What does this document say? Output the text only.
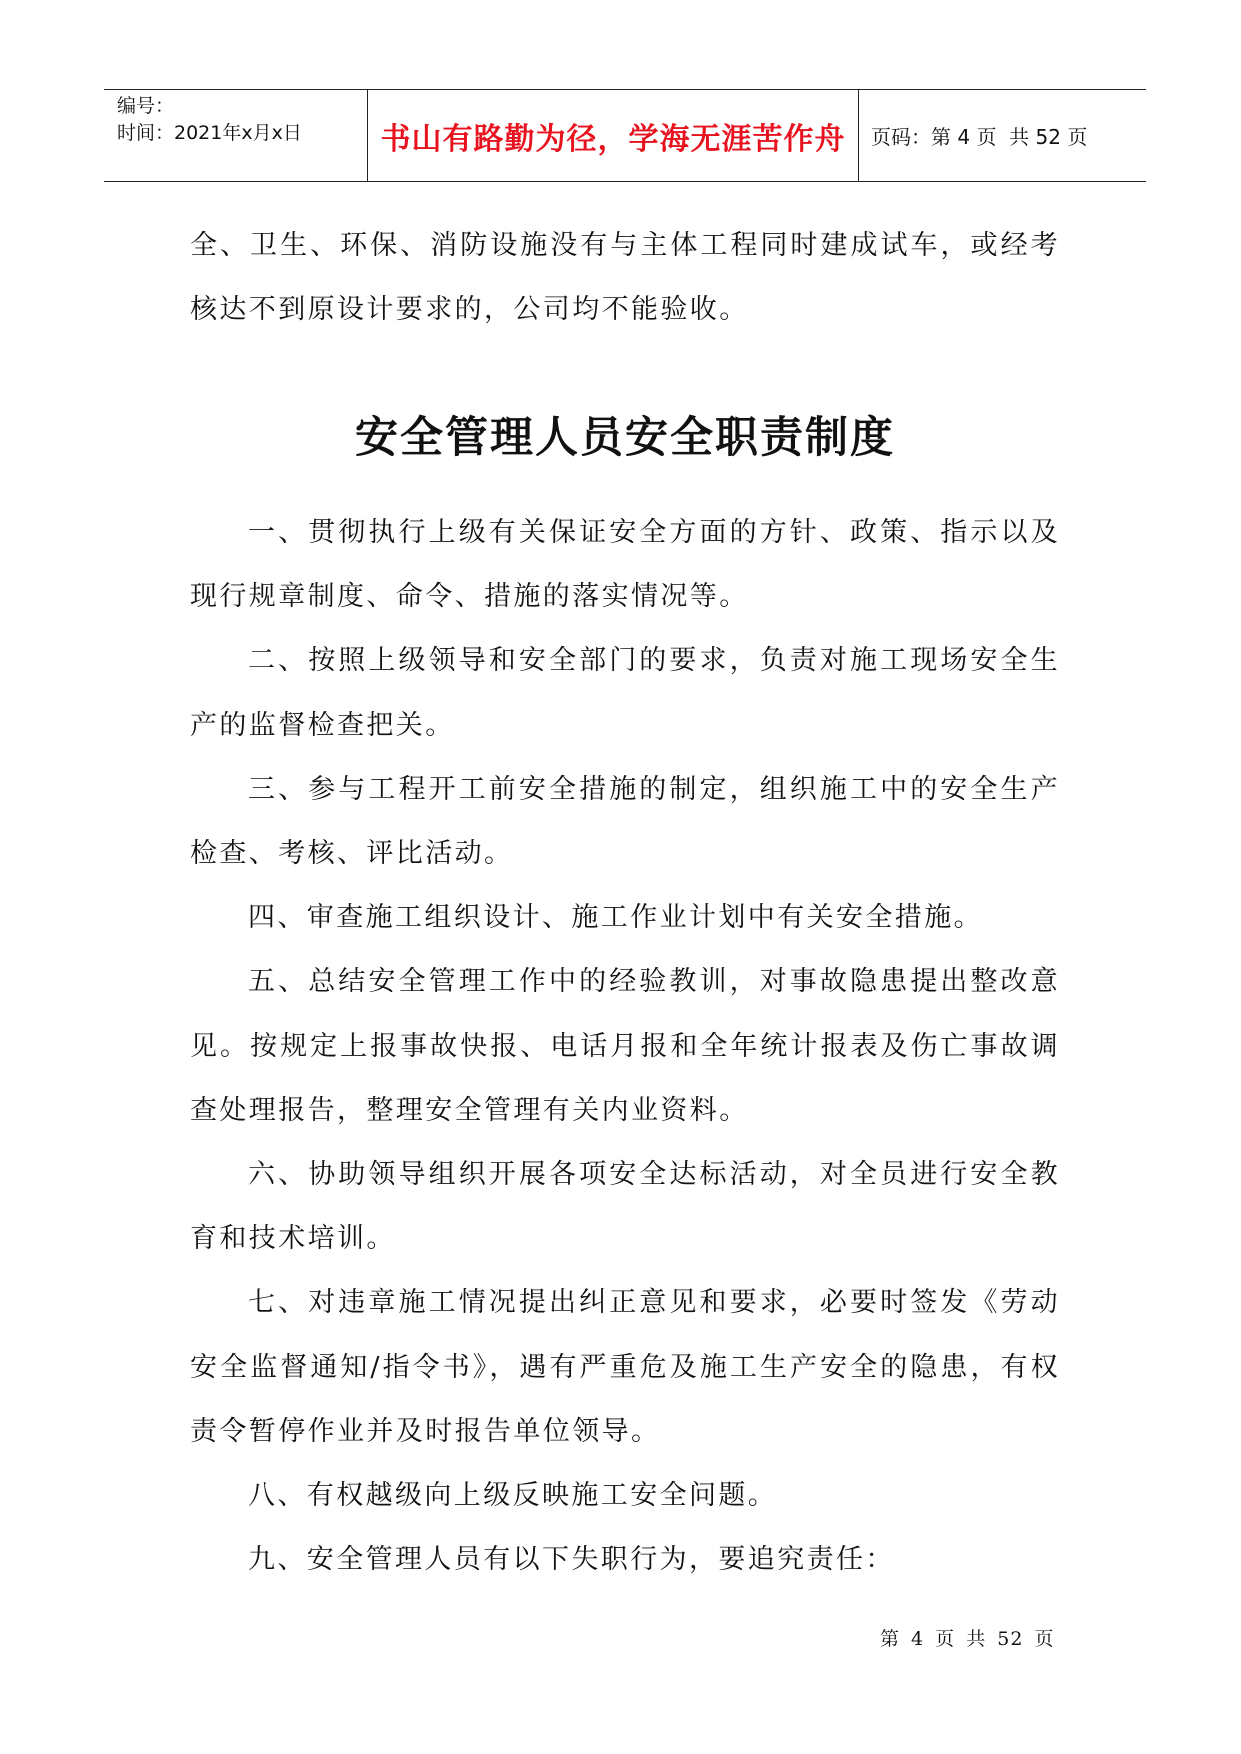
编号：
时间：2021年x月x日	书山有路勤为径，学海无涯苦作舟 页码：第 4 页  共 52 页

全、卫生、环保、消防设施没有与主体工程同时建成试车，或经考核达不到原设计要求的，公司均不能验收。

安全管理人员安全职责制度

一、贯彻执行上级有关保证安全方面的方针、政策、指示以及现行规章制度、命令、措施的落实情况等。

二、按照上级领导和安全部门的要求，负责对施工现场安全生产的监督检查把关。

三、参与工程开工前安全措施的制定，组织施工中的安全生产检查、考核、评比活动。

四、审查施工组织设计、施工作业计划中有关安全措施。

五、总结安全管理工作中的经验教训，对事故隐患提出整改意见。按规定上报事故快报、电话月报和全年统计报表及伤亡事故调查处理报告，整理安全管理有关内业资料。

六、协助领导组织开展各项安全达标活动，对全员进行安全教育和技术培训。

七、对违章施工情况提出纠正意见和要求，必要时签发《劳动安全监督通知/指令书》，遇有严重危及施工生产安全的隐患，有权责令暂停作业并及时报告单位领导。

八、有权越级向上级反映施工安全问题。

九、安全管理人员有以下失职行为，要追究责任：

第 4 页 共 52 页
